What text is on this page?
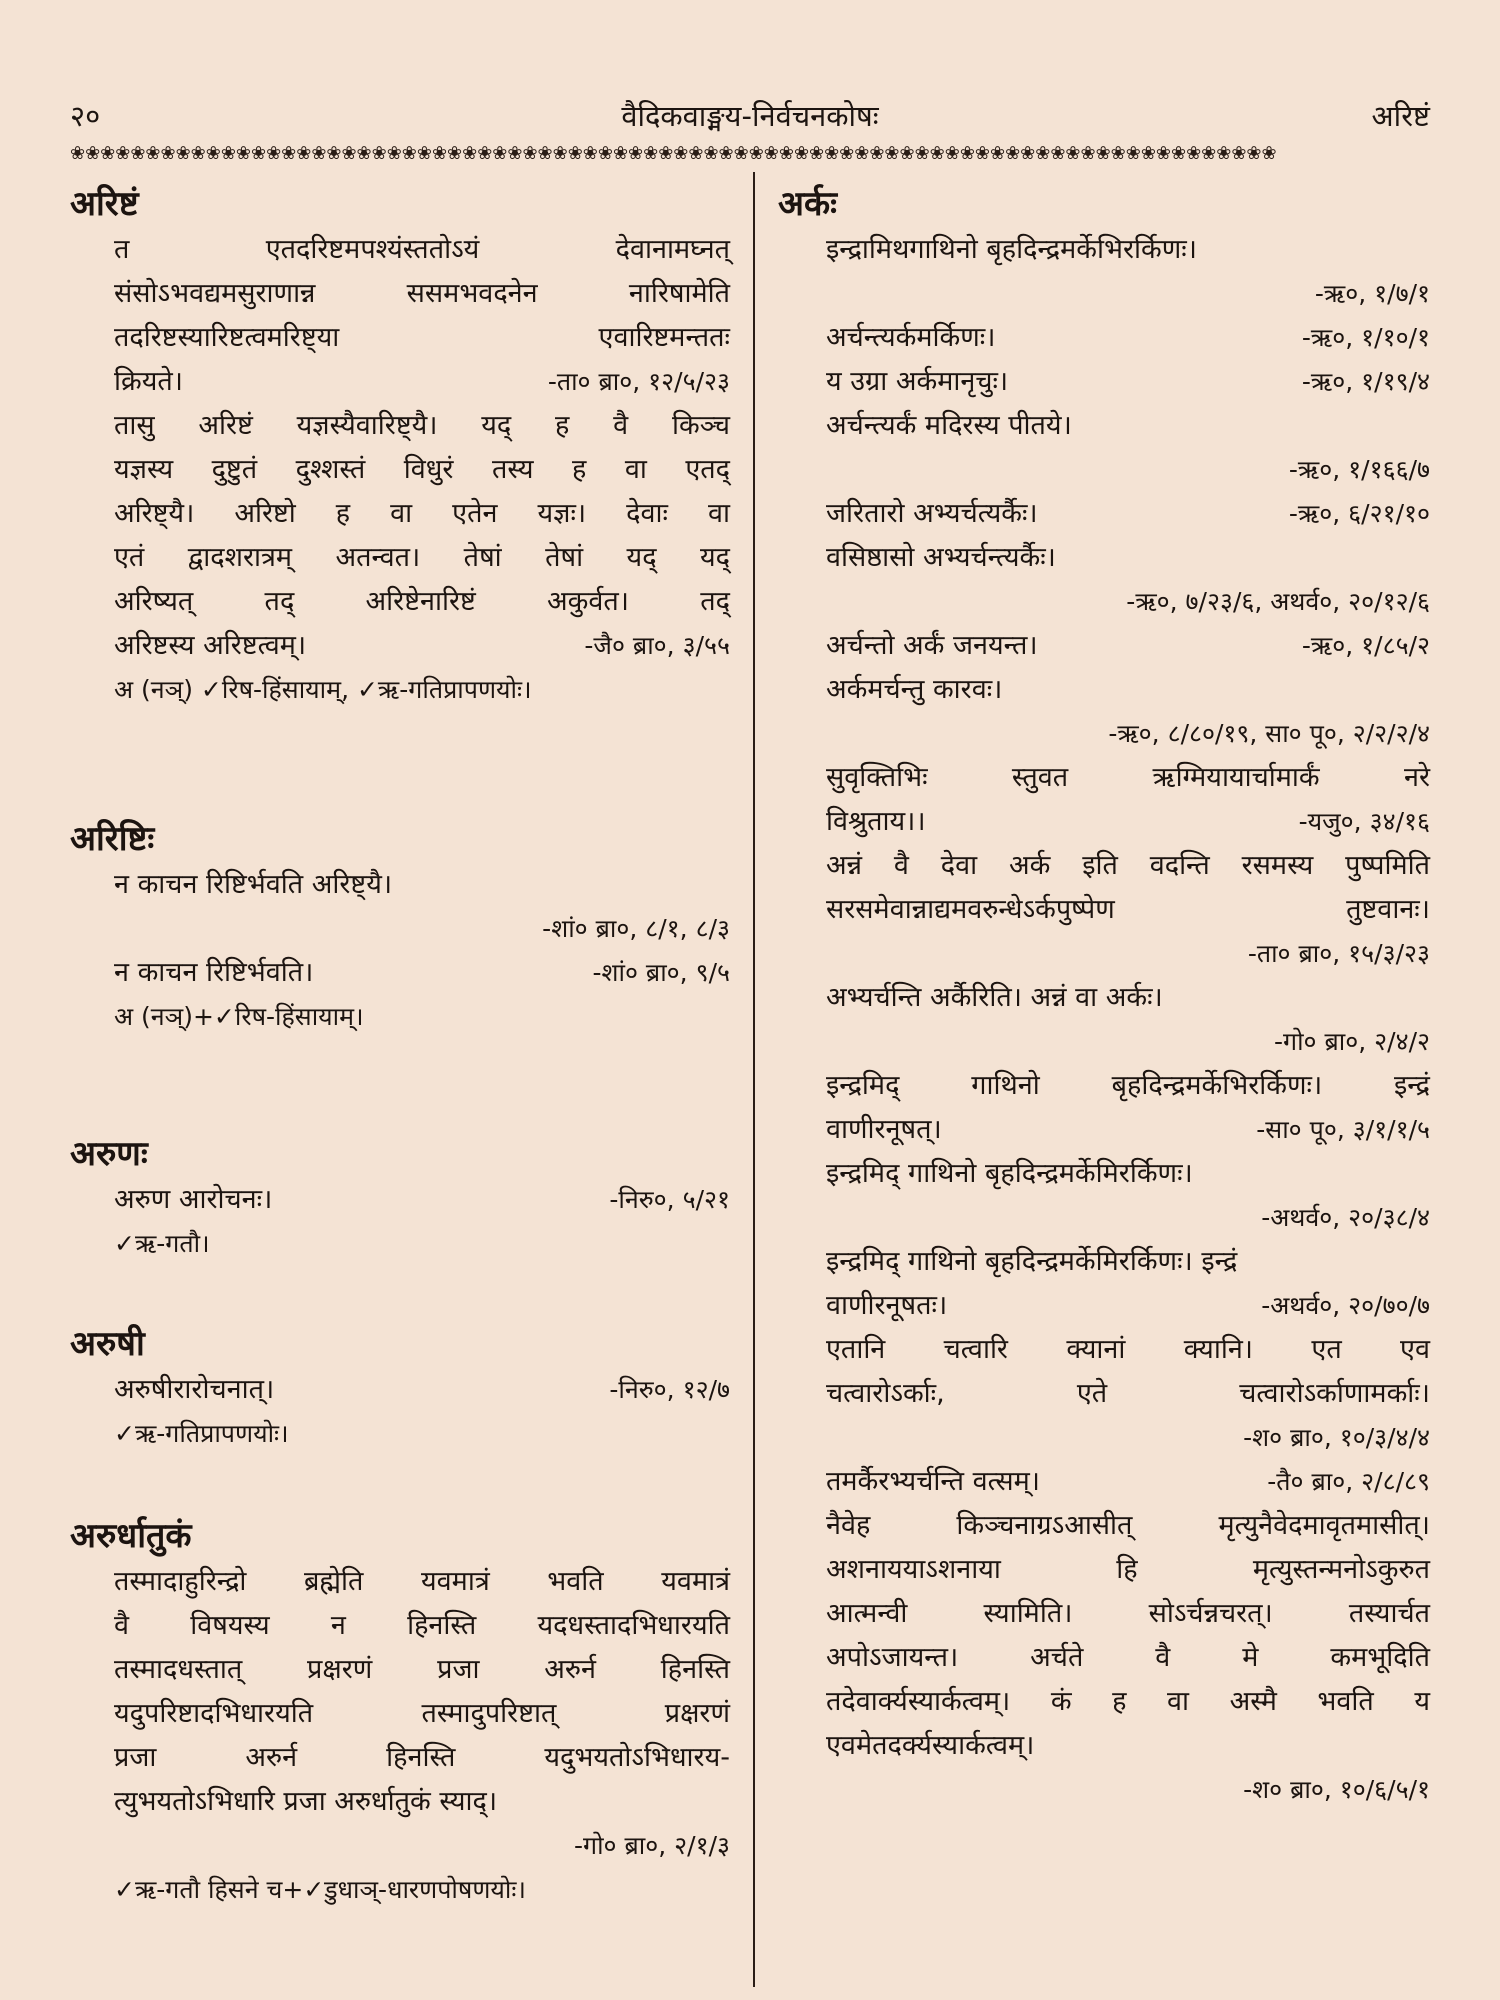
२०	वैदिकवाङ्मय-निर्वचनकोषः	अरिष्टं
❀❀❀❀❀❀❀❀❀❀❀❀❀❀❀❀❀❀❀❀❀❀❀❀❀❀❀❀❀❀❀❀❀❀❀❀❀❀❀❀❀❀❀❀❀❀❀❀❀❀❀❀❀❀❀❀❀❀❀❀❀❀❀❀❀❀❀❀❀❀❀❀❀❀❀❀❀❀❀❀
अरिष्टं
त एतदरिष्टमपश्यंस्ततोऽयं देवानामघ्नत्
संसोऽभवद्यमसुराणान्न ससमभवदनेन नारिषामेति
तदरिष्टस्यारिष्टत्वमरिष्ट्या एवारिष्टमन्ततः
क्रियते।	-ता० ब्रा०, १२/५/२३
तासु अरिष्टं यज्ञस्यैवारिष्ट्यै। यद् ह वै किञ्च
यज्ञस्य दुष्टुतं दुश्शस्तं विधुरं तस्य ह वा एतद्
अरिष्ट्यै। अरिष्टो ह वा एतेन यज्ञः। देवाः वा
एतं द्वादशरात्रम् अतन्वत। तेषां तेषां यद् यद्
अरिष्यत् तद् अरिष्टेनारिष्टं अकुर्वत। तद्
अरिष्टस्य अरिष्टत्वम्।	-जै० ब्रा०, ३/५५
अ (नञ्) ✓रिष-हिंसायाम्, ✓ऋ-गतिप्रापणयोः।
अरिष्टिः
न काचन रिष्टिर्भवति अरिष्ट्यै।
-शां० ब्रा०, ८/१, ८/३
न काचन रिष्टिर्भवति।	-शां० ब्रा०, ९/५
अ (नञ्)+✓रिष-हिंसायाम्।
अरुणः
अरुण आरोचनः।	-निरु०, ५/२१
✓ऋ-गतौ।
अरुषी
अरुषीरारोचनात्।	-निरु०, १२/७
✓ऋ-गतिप्रापणयोः।
अरुर्धातुकं
तस्मादाहुरिन्द्रो ब्रह्मेति यवमात्रं भवति यवमात्रं
वै विषयस्य न हिनस्ति यदधस्तादभिधारयति
तस्मादधस्तात् प्रक्षरणं प्रजा अरुर्न हिनस्ति
यदुपरिष्टादभिधारयति तस्मादुपरिष्टात् प्रक्षरणं
प्रजा अरुर्न हिनस्ति यदुभयतोऽभिधारय-
त्युभयतोऽभिधारि प्रजा अरुर्धातुकं स्याद्।
-गो० ब्रा०, २/१/३
✓ऋ-गतौ हिसने च+✓डुधाञ्-धारणपोषणयोः।
अर्कः
इन्द्रामिथगाथिनो बृहदिन्द्रमर्केभिरर्किणः।
-ऋ०, १/७/१
अर्चन्त्यर्कमर्किणः।	-ऋ०, १/१०/१
य उग्रा अर्कमानृचुः।	-ऋ०, १/१९/४
अर्चन्त्यर्कं मदिरस्य पीतये।
-ऋ०, १/१६६/७
जरितारो अभ्यर्चत्यर्कैः।	-ऋ०, ६/२१/१०
वसिष्ठासो अभ्यर्चन्त्यर्कैः।
-ऋ०, ७/२३/६, अथर्व०, २०/१२/६
अर्चन्तो अर्कं जनयन्त।	-ऋ०, १/८५/२
अर्कमर्चन्तु कारवः।
-ऋ०, ८/८०/१९, सा० पू०, २/२/२/४
सुवृक्तिभिः स्तुवत ऋग्मियायार्चामार्कं नरे
विश्रुताय।।	-यजु०, ३४/१६
अन्नं वै देवा अर्क इति वदन्ति रसमस्य पुष्पमिति
सरसमेवान्नाद्यमवरुन्धेऽर्कपुष्पेण तुष्टवानः।
-ता० ब्रा०, १५/३/२३
अभ्यर्चन्ति अर्कैरिति। अन्नं वा अर्कः।
-गो० ब्रा०, २/४/२
इन्द्रमिद् गाथिनो बृहदिन्द्रमर्केभिरर्किणः। इन्द्रं
वाणीरनूषत्।	-सा० पू०, ३/१/१/५
इन्द्रमिद् गाथिनो बृहदिन्द्रमर्केमिरर्किणः।
-अथर्व०, २०/३८/४
इन्द्रमिद् गाथिनो बृहदिन्द्रमर्केमिरर्किणः। इन्द्रं
वाणीरनूषतः।	-अथर्व०, २०/७०/७
एतानि चत्वारि क्यानां क्यानि। एत एव
चत्वारोऽर्काः, एते चत्वारोऽर्काणामर्काः।
-श० ब्रा०, १०/३/४/४
तमर्कैरभ्यर्चन्ति वत्सम्।	-तै० ब्रा०, २/८/८९
नैवेह किञ्चनाग्रऽआसीत् मृत्युनैवेदमावृतमासीत्।
अशनाययाऽशनाया हि मृत्युस्तन्मनोऽकुरुत
आत्मन्वी स्यामिति। सोऽर्चन्नचरत्। तस्यार्चत
अपोऽजायन्त। अर्चते वै मे कमभूदिति
तदेवार्क्यस्यार्कत्वम्। कं ह वा अस्मै भवति य
एवमेतदर्क्यस्यार्कत्वम्।
-श० ब्रा०, १०/६/५/१
